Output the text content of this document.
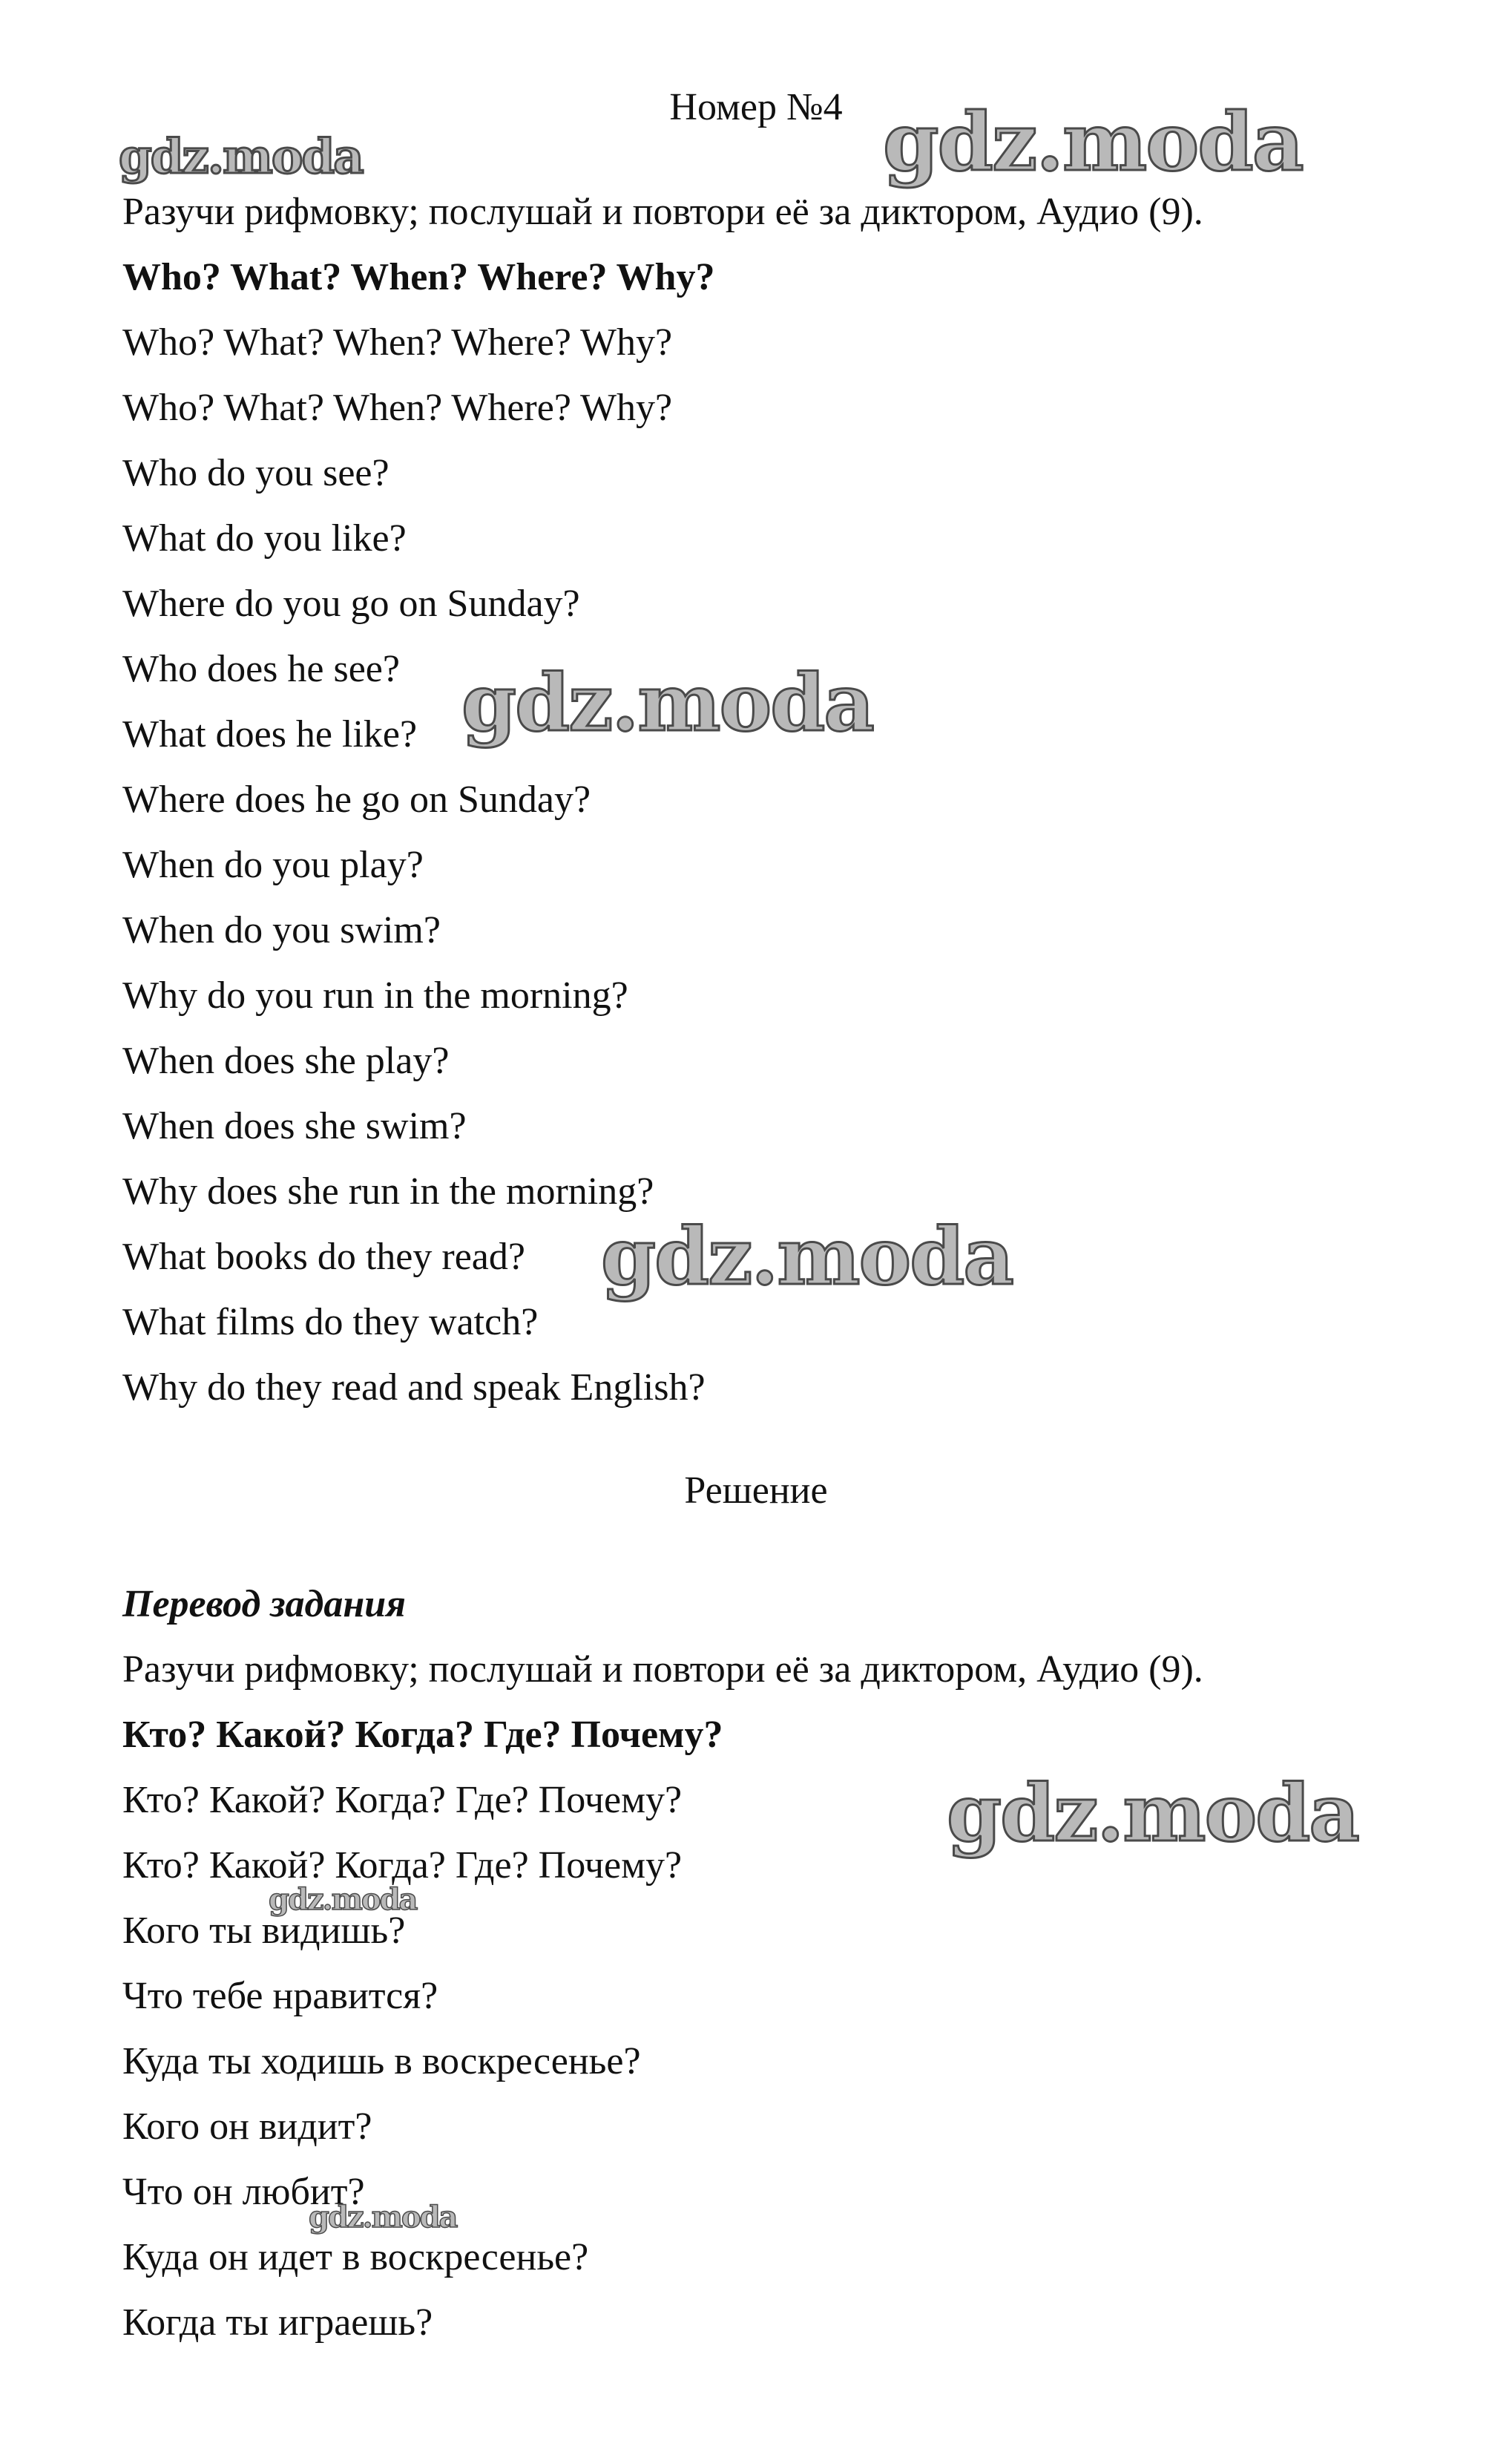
Номер №4
Разучи рифмовку; послушай и повтори её за диктором, Аудио (9).
Who? What? When? Where? Why?
Who? What? When? Where? Why?
Who? What? When? Where? Why?
Who do you see?
What do you like?
Where do you go on Sunday?
Who does he see?
What does he like?
Where does he go on Sunday?
When do you play?
When do you swim?
Why do you run in the morning?
When does she play?
When does she swim?
Why does she run in the morning?
What books do they read?
What films do they watch?
Why do they read and speak English?
Решение
Перевод задания
Разучи рифмовку; послушай и повтори её за диктором, Аудио (9).
Кто? Какой? Когда? Где? Почему?
Кто? Какой? Когда? Где? Почему?
Кто? Какой? Когда? Где? Почему?
Кого ты видишь?
Что тебе нравится?
Куда ты ходишь в воскресенье?
Кого он видит?
Что он любит?
Куда он идет в воскресенье?
Когда ты играешь?
gdz.moda	gdz.moda
gdz.moda
gdz.moda
gdz.moda
gdz.moda
gdz.moda
